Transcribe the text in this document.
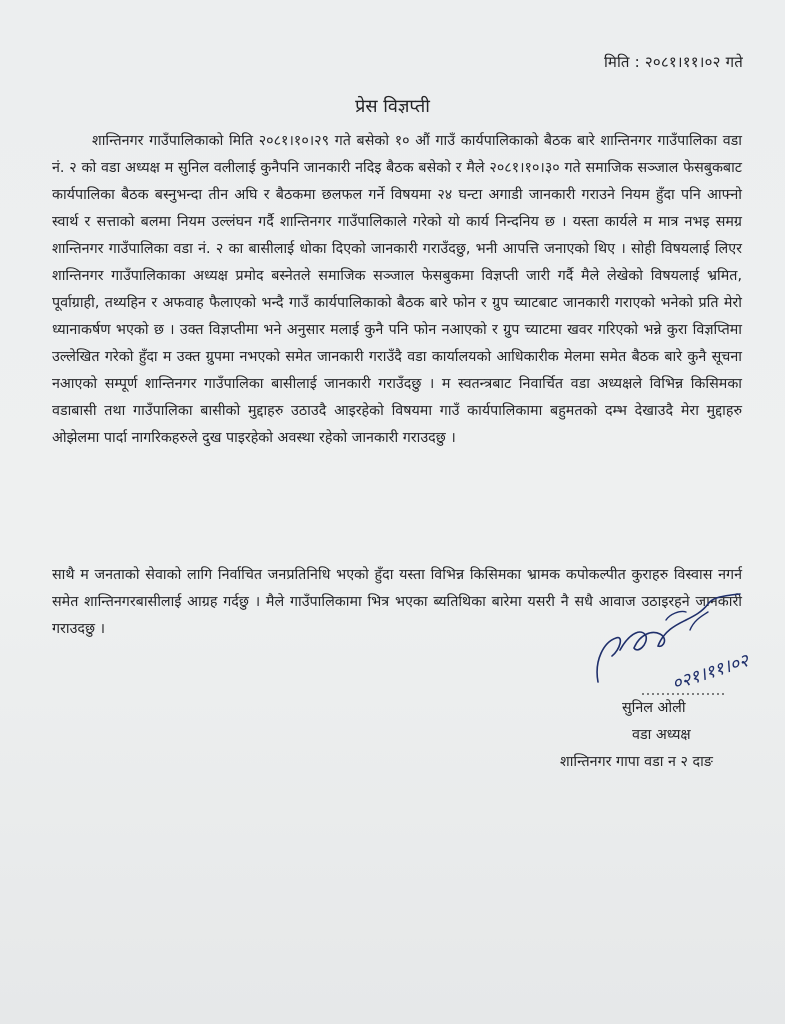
मिति : २०८१।११।०२ गते
प्रेस विज्ञप्ती

शान्तिनगर गाउँपालिकाको मिति २०८१।१०।२९ गते बसेको १० औं गाउँ कार्यपालिकाको बैठक बारे शान्तिनगर गाउँपालिका वडा नं. २ को वडा अध्यक्ष म सुनिल वलीलाई कुनैपनि जानकारी नदिइ बैठक बसेको र मैले २०८१।१०।३० गते समाजिक सञ्जाल फेसबुकबाट कार्यपालिका बैठक बस्नुभन्दा तीन अघि र बैठकमा छलफल गर्ने विषयमा २४ घन्टा अगाडी जानकारी गराउने नियम हुँदा पनि आफ्नो स्वार्थ र सत्ताको बलमा नियम उल्लंघन गर्दै शान्तिनगर गाउँपालिकाले गरेको यो कार्य निन्दनिय छ । यस्ता कार्यले म मात्र नभइ समग्र शान्तिनगर गाउँपालिका वडा नं. २ का बासीलाई धोका दिएको जानकारी गराउँदछु, भनी आपत्ति जनाएको थिए । सोही विषयलाई लिएर शान्तिनगर गाउँपालिकाका अध्यक्ष प्रमोद बस्नेतले समाजिक सञ्जाल फेसबुकमा विज्ञप्ती जारी गर्दै मैले लेखेको विषयलाई भ्रमित, पूर्वाग्राही, तथ्यहिन र अफवाह फैलाएको भन्दै गाउँ कार्यपालिकाको बैठक बारे फोन र ग्रुप च्याटबाट जानकारी गराएको भनेको प्रति मेरो ध्यानाकर्षण भएको छ । उक्त विज्ञप्तीमा भने अनुसार मलाई कुनै पनि फोन नआएको र ग्रुप च्याटमा खवर गरिएको भन्ने कुरा विज्ञप्तिमा उल्लेखित गरेको हुँदा म उक्त ग्रुपमा नभएको समेत जानकारी गराउँदै वडा कार्यालयको आधिकारीक मेलमा समेत बैठक बारे कुनै सूचना नआएको सम्पूर्ण शान्तिनगर गाउँपालिका बासीलाई जानकारी गराउँदछु । म स्वतन्त्रबाट निवार्चित वडा अध्यक्षले विभिन्न किसिमका वडाबासी तथा गाउँपालिका बासीको मुद्दाहरु उठाउदै आइरहेको विषयमा गाउँ कार्यपालिकामा बहुमतको दम्भ देखाउदै मेरा मुद्दाहरु ओझेलमा पार्दा नागरिकहरुले दुख पाइरहेको अवस्था रहेको जानकारी गराउदछु ।

साथै म जनताको सेवाको लागि निर्वाचित जनप्रतिनिधि भएको हुँदा यस्ता विभिन्न किसिमका भ्रामक कपोकल्पीत कुराहरु विस्वास नगर्न समेत शान्तिनगरबासीलाई आग्रह गर्दछु । मैले गाउँपालिकामा भित्र भएका ब्यतिथिका बारेमा यसरी नै सधै आवाज उठाइरहने जानकारी गराउदछु ।

०२१।११।०२
सुनिल ओली
वडा अध्यक्ष
शान्तिनगर गापा वडा न २ दाङ
